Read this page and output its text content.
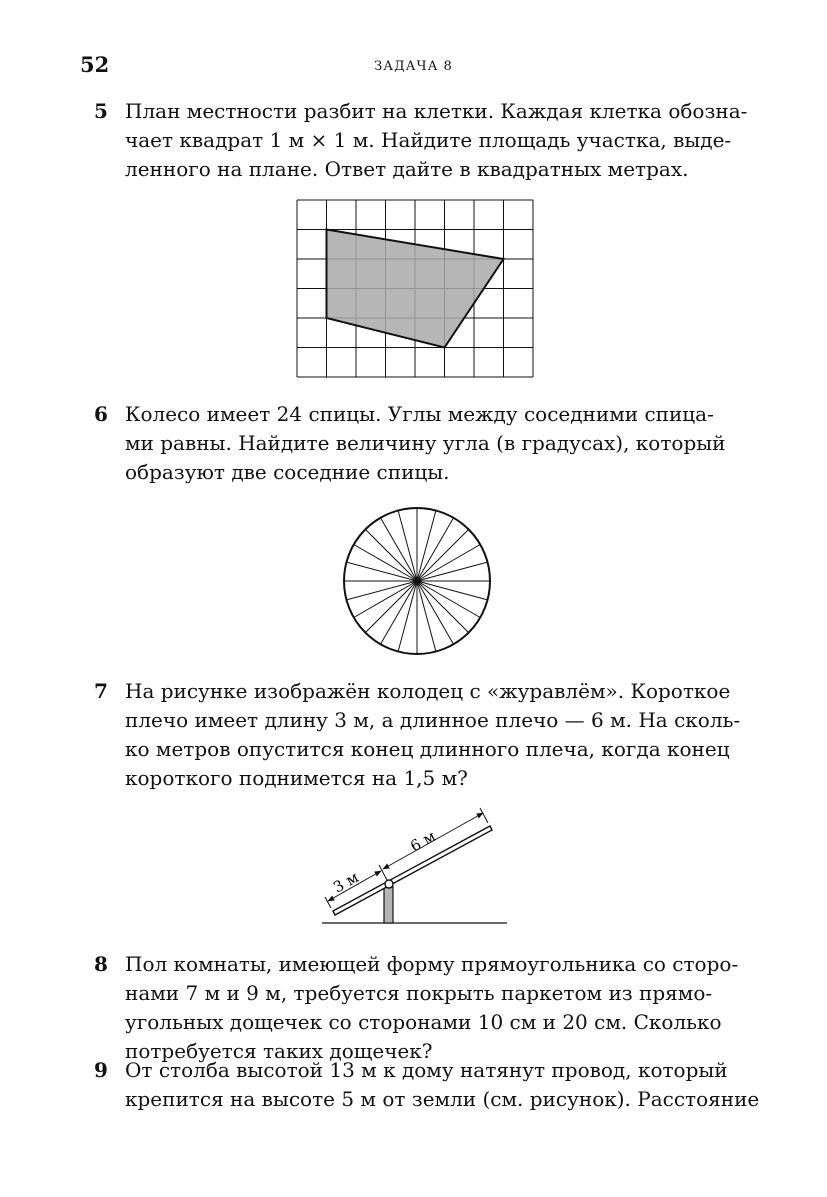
52	ЗАДАЧА 8
5 План местности разбит на клетки. Каждая клетка обозна-
чает квадрат 1 м × 1 м. Найдите площадь участка, выде-
ленного на плане. Ответ дайте в квадратных метрах.
6 Колесо имеет 24 спицы. Углы между соседними спица-
ми равны. Найдите величину угла (в градусах), который
образуют две соседние спицы.
7 На рисунке изображён колодец с «журавлём». Короткое
плечо имеет длину 3 м, а длинное плечо — 6 м. На сколь-
ко метров опустится конец длинного плеча, когда конец
короткого поднимется на 1,5 м?
3 м
6 м
8 Пол комнаты, имеющей форму прямоугольника со сторо-
нами 7 м и 9 м, требуется покрыть паркетом из прямо-
угольных дощечек со сторонами 10 см и 20 см. Сколько
потребуется таких дощечек?
9 От столба высотой 13 м к дому натянут провод, который
крепится на высоте 5 м от земли (см. рисунок). Расстояние
